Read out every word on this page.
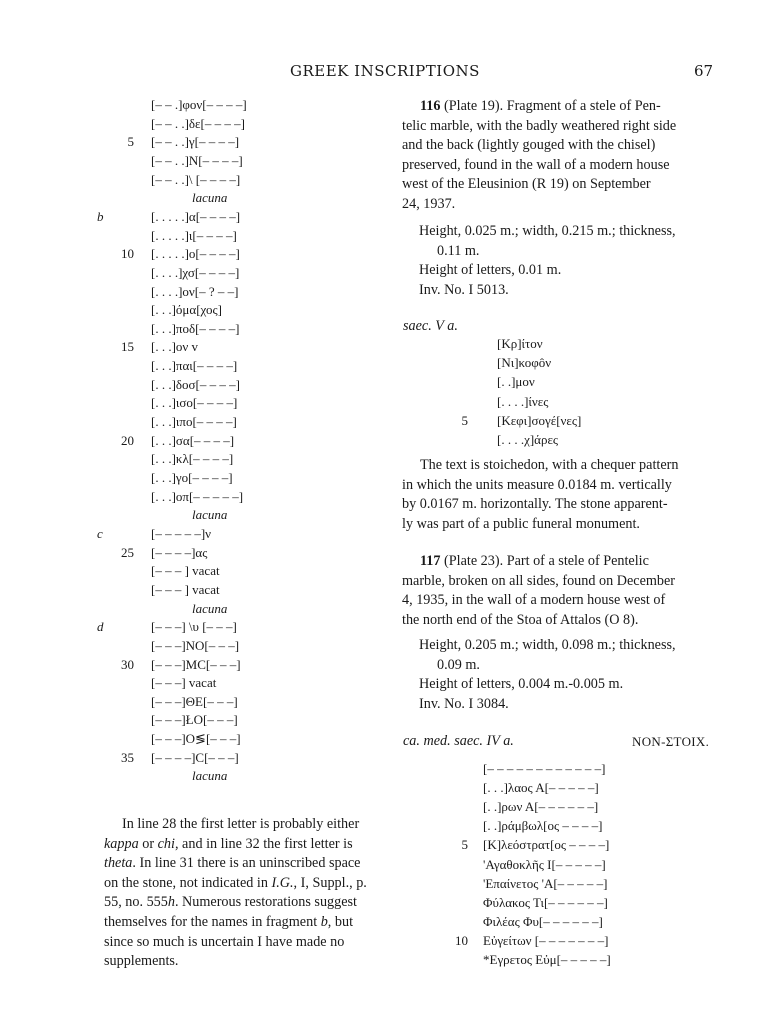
GREEK INSCRIPTIONS	67
[– – .]φον[– – – –]
[– – . .]δε[– – – –]
5 [– – . .]γ[– – – –]
[– – . .]N[– – – –]
[– – . .]\ [– – – –]
lacuna
b	[. . . . .]α[– – – –]
[. . . . .]ι[– – – –]
10 [. . . . .]ο[– – – –]
[. . . .]χσ[– – – –]
[. . . .]ον[– ? – –]
[. . .]όμα[χος]
[. . .]ποδ[– – – –]
15 [. . .]ον v
[. . .]παι[– – – –]
[. . .]δοσ[– – – –]
[. . .]ισο[– – – –]
[. . .]ιπο[– – – –]
20 [. . .]σα[– – – –]
[. . .]κλ[– – – –]
[. . .]γο[– – – –]
[. . .]οπ[– – – – –]
lacuna
c	[– – – – –]ν
25 [– – – –]ας
[– – – ] vacat
[– – – ] vacat
lacuna
d	[– – –] \υ [– – –]
[– – –]NO[– – –]
30 [– – –]MC[– – –]
[– – –] vacat
[– – –]ΘΕ[– – –]
[– – –]ŁΟ[– – –]
[– – –]Ο≶[– – –]
35 [– – – –]C[– – –]
lacuna

In line 28 the first letter is probably either

kappa or chi, and in line 32 the first letter is

theta. In line 31 there is an uninscribed space

on the stone, not indicated in I.G., I, Suppl., p.

55, no. 555h. Numerous restorations suggest

themselves for the names in fragment b, but

since so much is uncertain I have made no

supplements.

116 (Plate 19). Fragment of a stele of Pen-

telic marble, with the badly weathered right side

and the back (lightly gouged with the chisel)

preserved, found in the wall of a modern house

west of the Eleusinion (R 19) on September

24, 1937.

Height, 0.025 m.; width, 0.215 m.; thickness,

0.11 m.

Height of letters, 0.01 m.

Inv. No. I 5013.

saec. V a.
[Κρ]ίτον
[Νι]κοφôν
[. .]μον
[. . . .]ίνες
5 [Κεφι]σογέ[νες]
[. . . .χ]άρες

The text is stoichedon, with a chequer pattern

in which the units measure 0.0184 m. vertically

by 0.0167 m. horizontally. The stone apparent-

ly was part of a public funeral monument.

117 (Plate 23). Part of a stele of Pentelic

marble, broken on all sides, found on December

4, 1935, in the wall of a modern house west of

the north end of the Stoa of Attalos (O 8).

Height, 0.205 m.; width, 0.098 m.; thickness,

0.09 m.

Height of letters, 0.004 m.-0.005 m.

Inv. No. I 3084.

ca. med. saec. IV a.	NON-ΣTOIX.
[– – – – – – – – – – – –]
[. . .]λαος Α[– – – – –]
[. .]ρων Α[– – – – – –]
[. .]ράμβωλ[ος – – – –]
5 [Κ]λεόστρατ[ος – – – –]
'Αγαθοκλῆς Ι[– – – – –]
'Επαίνετος 'Α[– – – – –]
Φύλακος Τι[– – – – – –]
Φιλέας Φυ[– – – – – –]
10 Εὐγείτων [– – – – – – –]
*Εγρετος Εὐμ[– – – – –]
